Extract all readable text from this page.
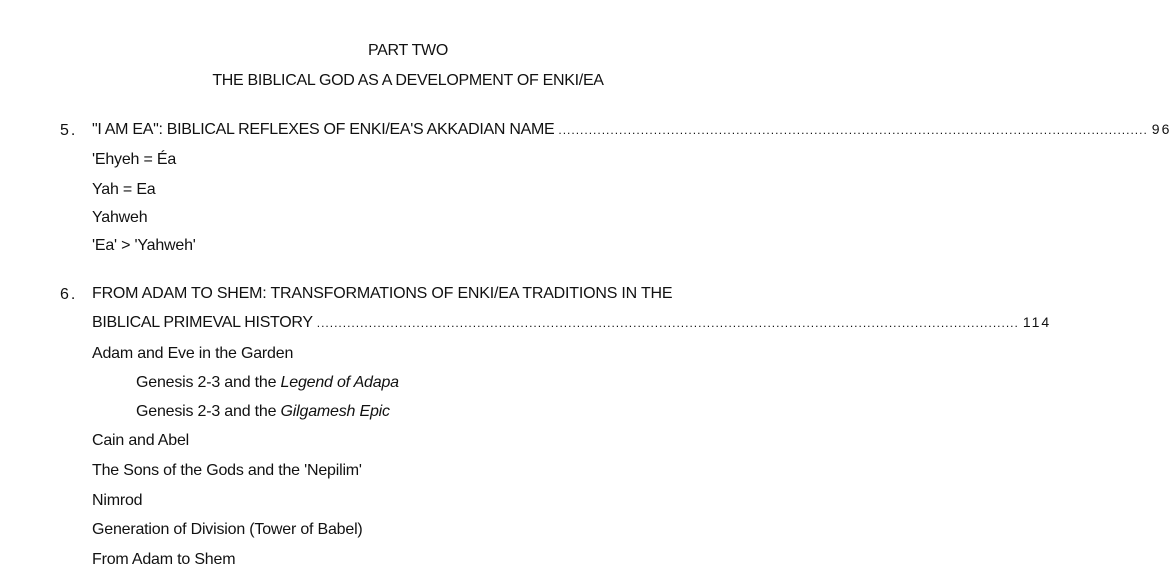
PART TWO
THE BIBLICAL GOD AS A DEVELOPMENT OF ENKI/EA
5. "I AM EA": BIBLICAL REFLEXES OF ENKI/EA'S AKKADIAN NAME ........................................................................................................................................ 96
'Ehyeh = Éa
Yah = Ea
Yahweh
'Ea' > 'Yahweh'
6. FROM ADAM TO SHEM: TRANSFORMATIONS OF ENKI/EA TRADITIONS IN THE
BIBLICAL PRIMEVAL HISTORY .................................................................................................................................................................. 114
Adam and Eve in the Garden
Genesis 2-3 and the Legend of Adapa
Genesis 2-3 and the Gilgamesh Epic
Cain and Abel
The Sons of the Gods and the 'Nepilim'
Nimrod
Generation of Division (Tower of Babel)
From Adam to Shem
